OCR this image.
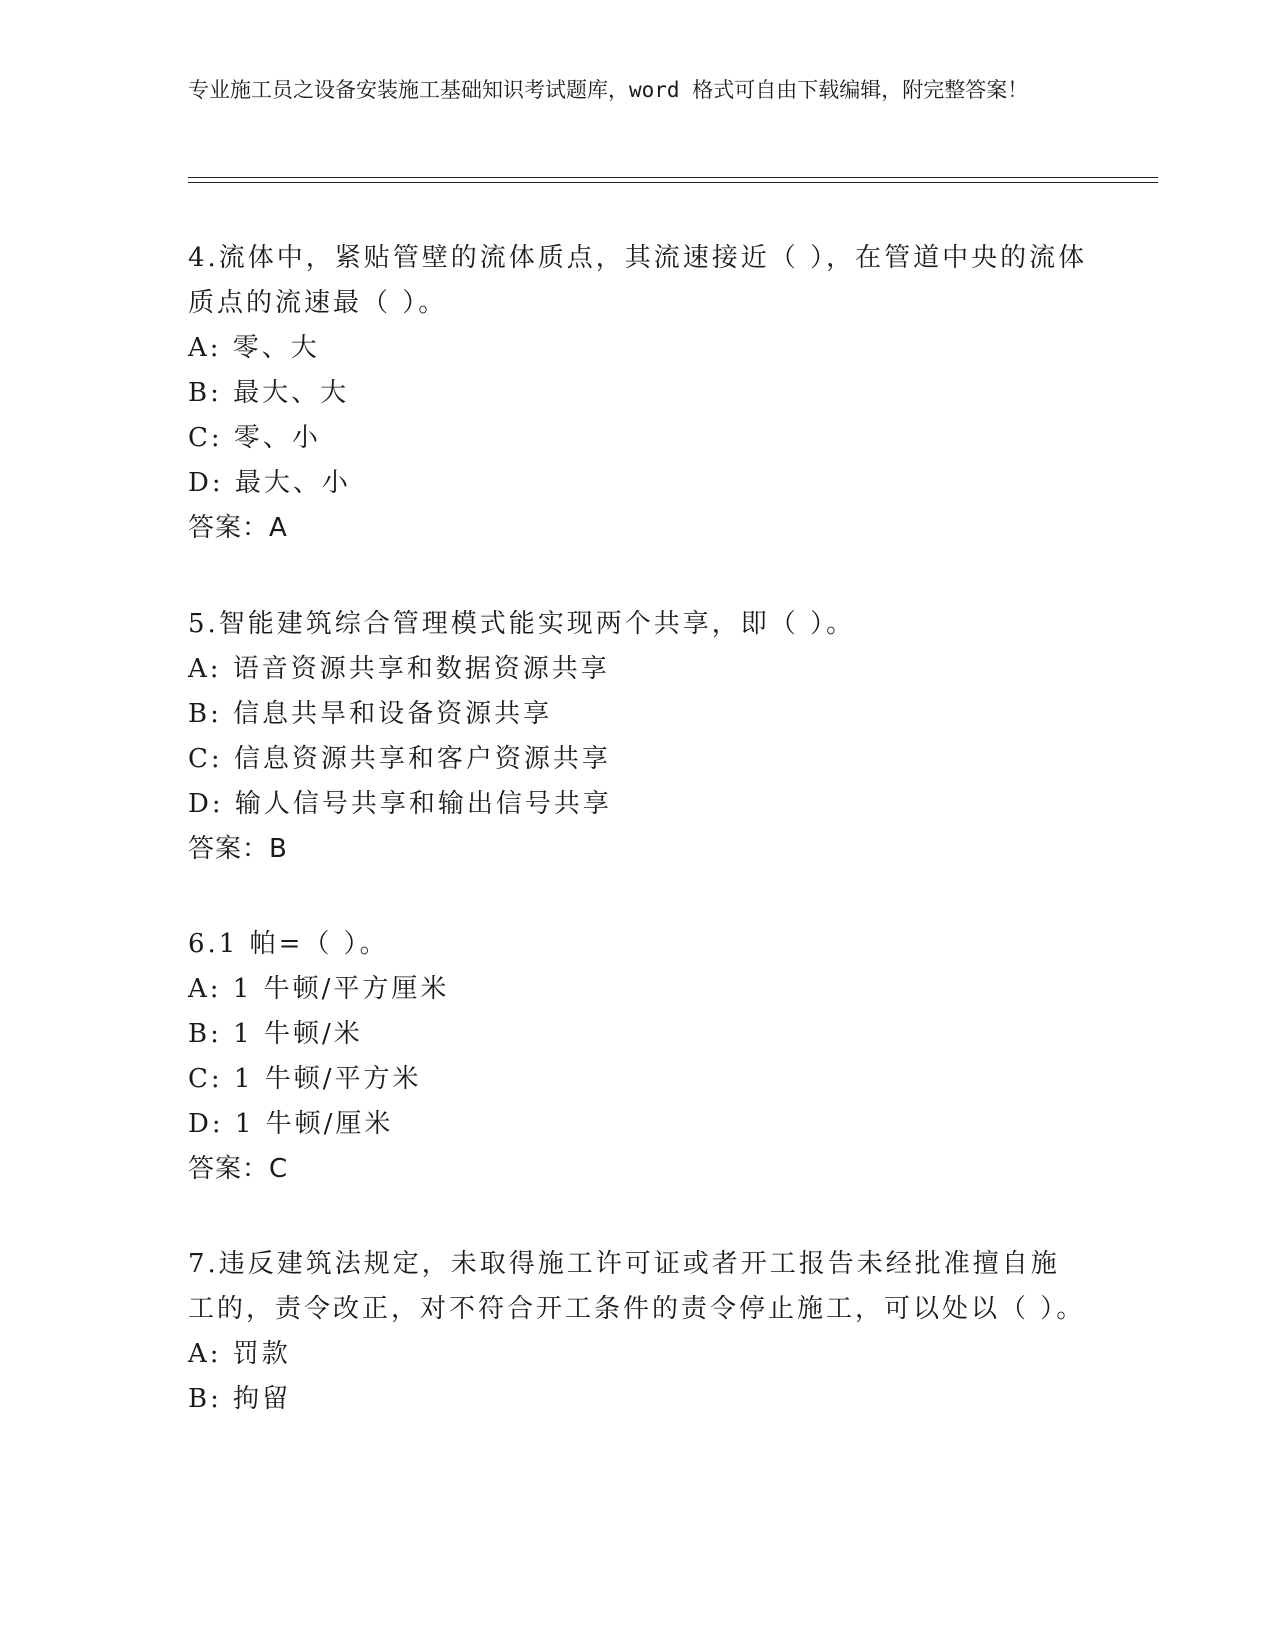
专业施工员之设备安装施工基础知识考试题库，word 格式可自由下载编辑，附完整答案！

4.流体中，紧贴管壁的流体质点，其流速接近（ ），在管道中央的流体质点的流速最（ ）。

A: 零、大

B: 最大、大

C: 零、小

D: 最大、小

答案：A

5.智能建筑综合管理模式能实现两个共享，即（ ）。

A: 语音资源共享和数据资源共享

B: 信息共旱和设备资源共享

C: 信息资源共享和客户资源共享

D: 输人信号共享和输出信号共享

答案：B

6.1 帕=（ ）。

A: 1 牛顿/平方厘米

B: 1 牛顿/米

C: 1 牛顿/平方米

D: 1 牛顿/厘米

答案：C

7.违反建筑法规定，未取得施工许可证或者开工报告未经批准擅自施工的，责令改正，对不符合开工条件的责令停止施工，可以处以（ ）。

A: 罚款

B: 拘留
